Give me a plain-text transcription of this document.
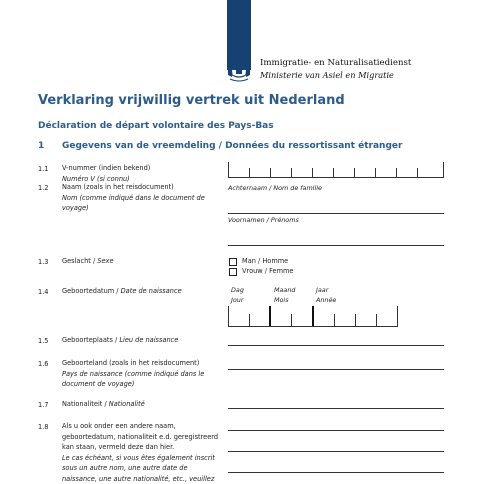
Immigratie- en Naturalisatiedienst
Ministerie van Asiel en Migratie
Verklaring vrijwillig vertrek uit Nederland
Déclaration de départ volontaire des Pays-Bas
1 Gegevens van de vreemdeling / Données du ressortissant étranger
1.1 V-nummer (indien bekend)
Numéro V (si connu)
1.2 Naam (zoals in het reisdocument)
Nom (comme indiqué dans le document de
voyage)
Achternaam / Nom de famille
Voornamen / Prénoms
1.3 Geslacht / Sexe	Man / Homme
Vrouw / Femme
1.4 Geboortedatum / Date de naissance	Dag
Jour
Maand
Mois
Jaar
Année
1.5 Geboorteplaats / Lieu de naissance
1.6 Geboorteland (zoals in het reisdocument)
Pays de naissance (comme indiqué dans le
document de voyage)
1.7 Nationaliteit / Nationalité
1.8 Als u ook onder een andere naam,
geboortedatum, nationaliteit e.d. geregistreerd
kan staan, vermeld deze dan hier.
Le cas échéant, si vous êtes également inscrit
sous un autre nom, une autre date de
naissance, une autre nationalité, etc., veuillez
